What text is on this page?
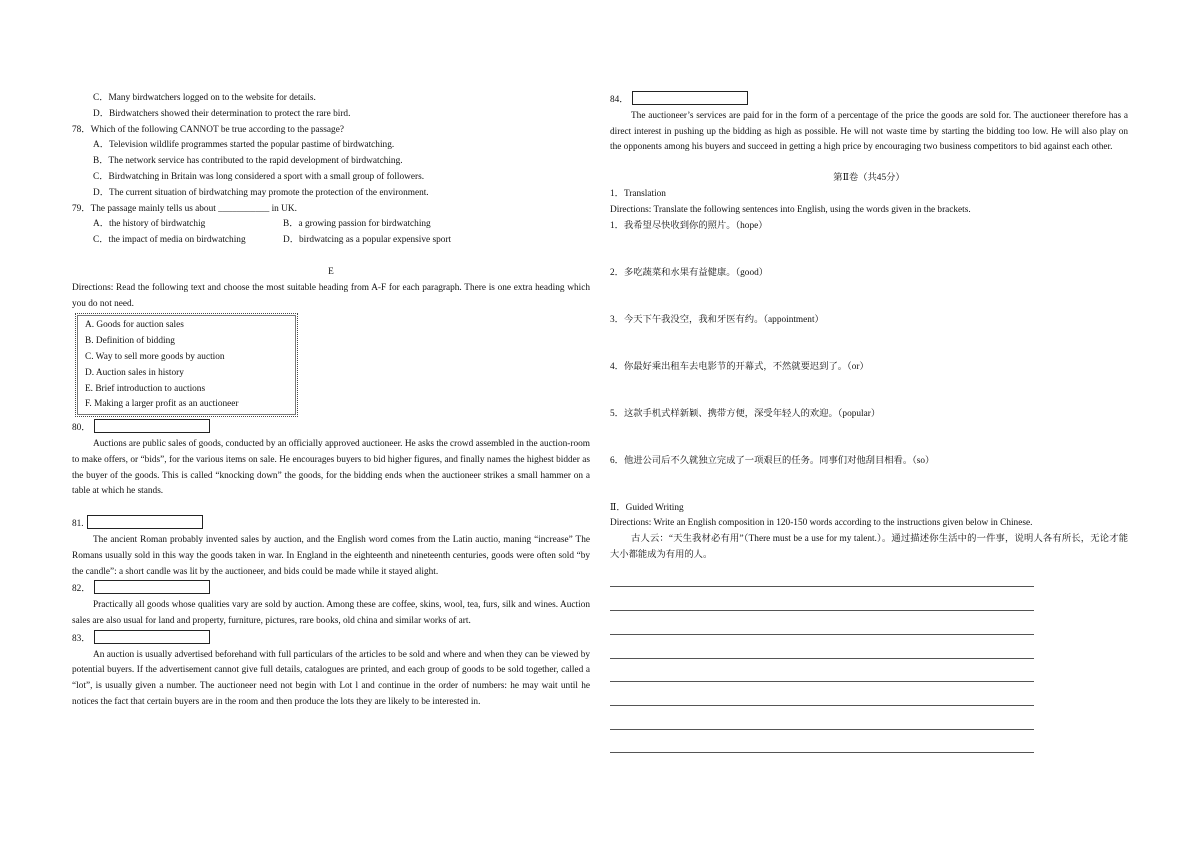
C．Many birdwatchers logged on to the website for details.

D．Birdwatchers showed their determination to protect the rare bird.

78．Which of the following CANNOT be true according to the passage?

A．Television wildlife programmes started the popular pastime of birdwatching.

B．The network service has contributed to the rapid development of birdwatching.

C．Birdwatching in Britain was long considered a sport with a small group of followers.

D．The current situation of birdwatching may promote the protection of the environment.

79．The passage mainly tells us about ___________ in UK.

A．the history of birdwatchig	B．a growing passion for birdwatching
C．the impact of media on birdwatching	D．birdwatcing as a popular expensive sport

E

Directions: Read the following text and choose the most suitable heading from A-F for each paragraph. There is one extra heading which you do not need.

A. Goods for auction sales

B. Definition of bidding

C. Way to sell more goods by auction

D. Auction sales in history

E. Brief introduction to auctions

F. Making a larger profit as an auctioneer

80．

Auctions are public sales of goods, conducted by an officially approved auctioneer. He asks the crowd assembled in the auction-room to make offers, or “bids”, for the various items on sale. He encourages buyers to bid higher figures, and finally names the highest bidder as the buyer of the goods. This is called “knocking down” the goods, for the bidding ends when the auctioneer strikes a small hammer on a table at which he stands.

81.

The ancient Roman probably invented sales by auction, and the English word comes from the Latin auctio, maning “increase” The Romans usually sold in this way the goods taken in war. In England in the eighteenth and nineteenth centuries, goods were often sold “by the candle”: a short candle was lit by the auctioneer, and bids could be made while it stayed alight.

82．

Practically all goods whose qualities vary are sold by auction. Among these are coffee, skins, wool, tea, furs, silk and wines. Auction sales are also usual for land and property, furniture, pictures, rare books, old china and similar works of art.

83．

An auction is usually advertised beforehand with full particulars of the articles to be sold and where and when they can be viewed by potential buyers. If the advertisement cannot give full details, catalogues are printed, and each group of goods to be sold together, called a “lot”, is usually given a number. The auctioneer need not begin with Lot l and continue in the order of numbers: he may wait until he notices the fact that certain buyers are in the room and then produce the lots they are likely to be interested in.

84．

The auctioneer’s services are paid for in the form of a percentage of the price the goods are sold for. The auctioneer therefore has a direct interest in pushing up the bidding as high as possible. He will not waste time by starting the bidding too low. He will also play on the opponents among his buyers and succeed in getting a high price by encouraging two business competitors to bid against each other.

第Ⅱ卷（共45分）

1．Translation

Directions: Translate the following sentences into English, using the words given in the brackets.

1．我希望尽快收到你的照片。（hope）

2．多吃蔬菜和水果有益健康。（good）

3．今天下午我没空，我和牙医有约。（appointment）

4．你最好乘出租车去电影节的开幕式，不然就要迟到了。（or）

5．这款手机式样新颖、携带方便，深受年轻人的欢迎。（popular）

6．他进公司后不久就独立完成了一项艰巨的任务。同事们对他刮目相看。（so）

Ⅱ．Guided Writing

Directions: Write an English composition in 120-150 words according to the instructions given below in Chinese.

古人云：“天生我材必有用”（There must be a use for my talent.）。通过描述你生活中的一件事，说明人各有所长，无论才能大小都能成为有用的人。
